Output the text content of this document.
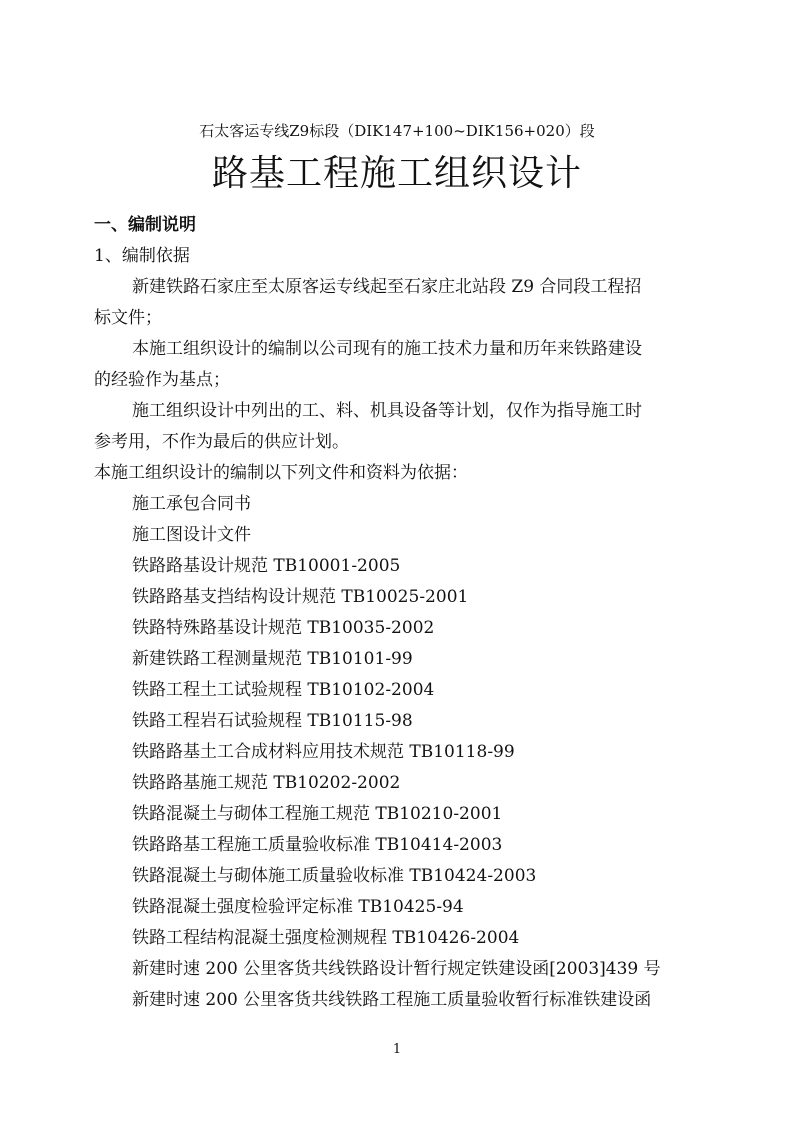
石太客运专线Z9标段（DIK147+100~DIK156+020）段
路基工程施工组织设计
一、编制说明
1、编制依据
新建铁路石家庄至太原客运专线起至石家庄北站段 Z9 合同段工程招
标文件；
本施工组织设计的编制以公司现有的施工技术力量和历年来铁路建设
的经验作为基点；
施工组织设计中列出的工、料、机具设备等计划，仅作为指导施工时
参考用，不作为最后的供应计划。
本施工组织设计的编制以下列文件和资料为依据：
施工承包合同书
施工图设计文件
铁路路基设计规范 TB10001-2005
铁路路基支挡结构设计规范 TB10025-2001
铁路特殊路基设计规范 TB10035-2002
新建铁路工程测量规范 TB10101-99
铁路工程土工试验规程 TB10102-2004
铁路工程岩石试验规程 TB10115-98
铁路路基土工合成材料应用技术规范 TB10118-99
铁路路基施工规范 TB10202-2002
铁路混凝土与砌体工程施工规范 TB10210-2001
铁路路基工程施工质量验收标准 TB10414-2003
铁路混凝土与砌体施工质量验收标准 TB10424-2003
铁路混凝土强度检验评定标准 TB10425-94
铁路工程结构混凝土强度检测规程 TB10426-2004
新建时速 200 公里客货共线铁路设计暂行规定铁建设函[2003]439 号
新建时速 200 公里客货共线铁路工程施工质量验收暂行标准铁建设函
1
